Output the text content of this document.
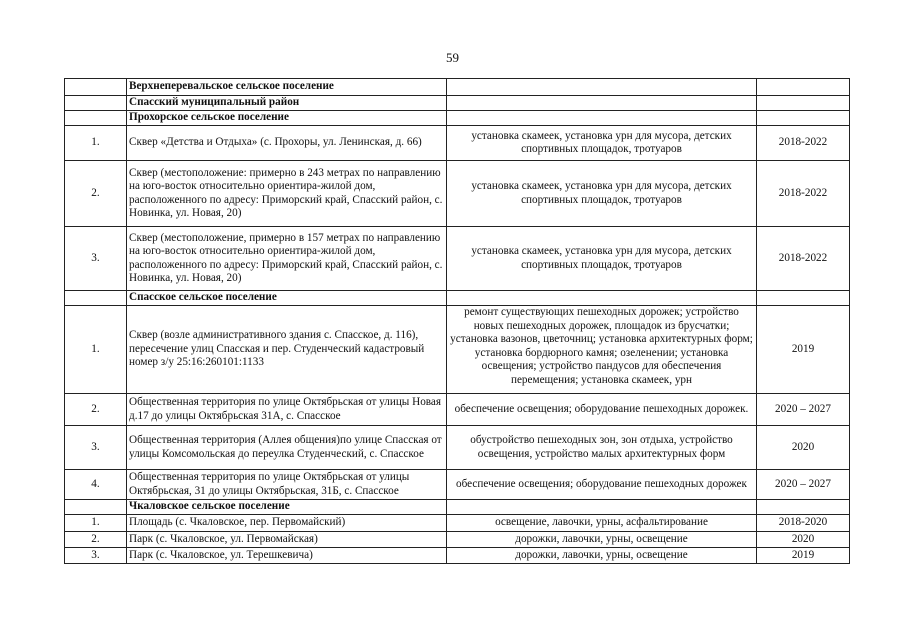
59
	Верхнеперевальское сельское поселение		
	Спасский муниципальный район		
	Прохорское сельское поселение		
1.	Сквер «Детства и Отдыха» (с. Прохоры, ул. Ленинская, д. 66)	установка скамеек, установка урн для мусора, детских спортивных площадок, тротуаров	2018-2022
2.	Сквер (местоположение: примерно в 243 метрах по направлению на юго-восток относительно ориентира-жилой дом, расположенного по адресу: Приморский край, Спасский район, с. Новинка, ул. Новая, 20)	установка скамеек, установка урн для мусора, детских спортивных площадок, тротуаров	2018-2022
3.	Сквер (местоположение, примерно в 157 метрах по направлению на юго-восток относительно ориентира-жилой дом, расположенного по адресу: Приморский край, Спасский район, с. Новинка, ул. Новая, 20)	установка скамеек, установка урн для мусора, детских спортивных площадок, тротуаров	2018-2022
	Спасское сельское поселение		
1.	Сквер (возле административного здания с. Спасское, д. 116), пересечение улиц Спасская и пер. Студенческий кадастровый номер з/у 25:16:260101:1133	ремонт существующих пешеходных дорожек; устройство новых пешеходных дорожек, площадок из брусчатки; установка вазонов, цветочниц; установка архитектурных форм; установка бордюрного камня; озеленении; установка освещения; устройство пандусов для обеспечения перемещения; установка скамеек, урн	2019
2.	Общественная территория по улице Октябрьская от улицы Новая д.17 до улицы Октябрьская 31А, с. Спасское	обеспечение освещения; оборудование пешеходных дорожек.	2020 – 2027
3.	Общественная территория (Аллея общения)по улице Спасская от улицы Комсомольская до переулка Студенческий, с. Спасское	обустройство пешеходных зон, зон отдыха, устройство освещения, устройство малых архитектурных форм	2020
4.	Общественная территория по улице Октябрьская от улицы Октябрьская, 31 до улицы Октябрьская, 31Б, с. Спасское	обеспечение освещения; оборудование пешеходных дорожек	2020 – 2027
	Чкаловское сельское поселение		
1.	Площадь (с. Чкаловское, пер. Первомайский)	освещение, лавочки, урны, асфальтирование	2018-2020
2.	Парк (с. Чкаловское, ул. Первомайская)	дорожки, лавочки, урны, освещение	2020
3.	Парк (с. Чкаловское, ул. Терешкевича)	дорожки, лавочки, урны, освещение	2019
